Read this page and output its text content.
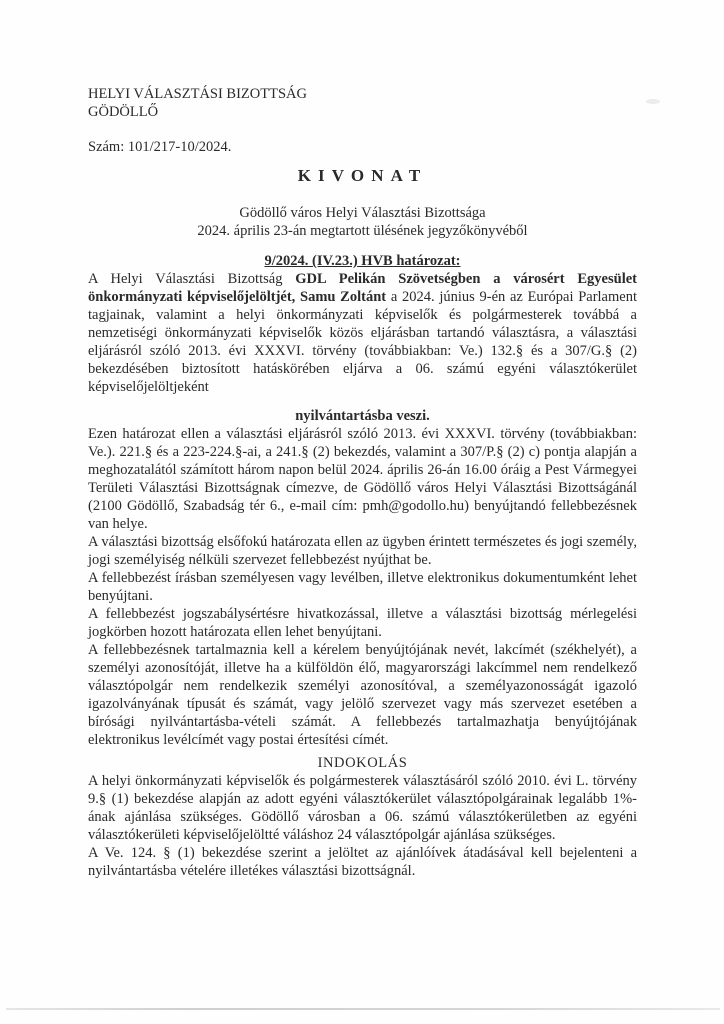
HELYI VÁLASZTÁSI BIZOTTSÁG
GÖDÖLLŐ
Szám: 101/217-10/2024.
KIVONAT
Gödöllő város Helyi Választási Bizottsága
2024. április 23-án megtartott ülésének jegyzőkönyvéből
9/2024. (IV.23.) HVB határozat:

A Helyi Választási Bizottság GDL Pelikán Szövetségben a városért Egyesület önkormányzati képviselőjelöltjét, Samu Zoltánt a 2024. június 9-én az Európai Parlament tagjainak, valamint a helyi önkormányzati képviselők és polgármesterek továbbá a nemzetiségi önkormányzati képviselők közös eljárásban tartandó választásra, a választási eljárásról szóló 2013. évi XXXVI. törvény (továbbiakban: Ve.) 132.§ és a 307/G.§ (2) bekezdésében biztosított hatáskörében eljárva a 06. számú egyéni választókerület képviselőjelöltjeként

nyilvántartásba veszi.

Ezen határozat ellen a választási eljárásról szóló 2013. évi XXXVI. törvény (továbbiakban: Ve.). 221.§ és a 223-224.§-ai, a 241.§ (2) bekezdés, valamint a 307/P.§ (2) c) pontja alapján a meghozatalától számított három napon belül 2024. április 26-án 16.00 óráig a Pest Vármegyei Területi Választási Bizottságnak címezve, de Gödöllő város Helyi Választási Bizottságánál (2100 Gödöllő, Szabadság tér 6., e-mail cím: pmh@godollo.hu) benyújtandó fellebbezésnek van helye.

A választási bizottság elsőfokú határozata ellen az ügyben érintett természetes és jogi személy, jogi személyiség nélküli szervezet fellebbezést nyújthat be.

A fellebbezést írásban személyesen vagy levélben, illetve elektronikus dokumentumként lehet benyújtani.

A fellebbezést jogszabálysértésre hivatkozással, illetve a választási bizottság mérlegelési jogkörben hozott határozata ellen lehet benyújtani.

A fellebbezésnek tartalmaznia kell a kérelem benyújtójának nevét, lakcímét (székhelyét), a személyi azonosítóját, illetve ha a külföldön élő, magyarországi lakcímmel nem rendelkező választópolgár nem rendelkezik személyi azonosítóval, a személyazonosságát igazoló igazolványának típusát és számát, vagy jelölő szervezet vagy más szervezet esetében a bírósági nyilvántartásba-vételi számát. A fellebbezés tartalmazhatja benyújtójának elektronikus levélcímét vagy postai értesítési címét.

INDOKOLÁS

A helyi önkormányzati képviselők és polgármesterek választásáról szóló 2010. évi L. törvény 9.§ (1) bekezdése alapján az adott egyéni választókerület választópolgárainak legalább 1%-ának ajánlása szükséges. Gödöllő városban a 06. számú választókerületben az egyéni választókerületi képviselőjelöltté váláshoz 24 választópolgár ajánlása szükséges.

A Ve. 124. § (1) bekezdése szerint a jelöltet az ajánlóívek átadásával kell bejelenteni a nyilvántartásba vételére illetékes választási bizottságnál.
